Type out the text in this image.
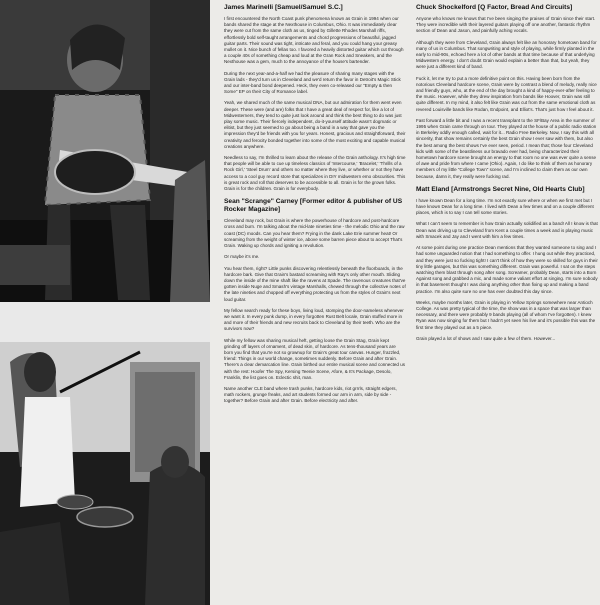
James Marinelli [Samuel/Samuel S.C.]

I first encountered the North Coast punk phenomena known as Grain in 1994 when our bands shared the stage at the Nexthouse in Columbus, Ohio. It was immediately clear they were cut from the same cloth as us, tinged by Gillette Rhodes Marshall riffs, effortlessly bold self-taught arrangements and chord progressions of beautiful, jagged guitar parts. Their sound was tight, intricate and feral, and you could hang your greasy mullet on it. Nice bunch of fellas too. I favored a heavily distorted guitar which cut through a couple 40s of something cheap and loud at the Gran Rock and Sneakers, and the Nexthouse was a gem, much to the annoyance of the house's bartender.

During the next year-and-a-half we had the pleasure of sharing many stages with the Grain lads - they'd turn us in Cleveland and we'd return the favor in Detroit's Magic Stick and our inter-band bond deepened. Heck, they even co-released our "Empty & then Some" EP on their City of Romance label.

Yeah, we shared much of the same musical DNA, but our admiration for them went even deeper. These were (and are) folks that I have a great deal of respect for, like a lot of Midwesterners, they tend to quite just look around and think the best thing to do was just play some music. Their fiercely independent, do-it-yourself attitude wasn't dogmatic or elitist, but they just seemed to go about being a band in a way that gave you the impression they'd be friends with you for years. Honest, gracious and straightforward, their creativity and ferocity bonded together into some of the most exciting and capable musical creations anywhere.

Needless to say, I'm thrilled to learn about the release of the Grain anthology. It's high time that people will be able to cue up timeless classics of 'Intercourse,' 'Bracelet,' 'Thrills of a Rock Girl,' 'Steel Drum' and others no matter where they live, or whether or not they have access to a cool guy record store that specializes in DIY midwestern emo obscurities. This is great rock and roll that deserves to be accessible to all. Grain is for the grown folks. Grain is for the children. Grain is for everybody.

Sean "Scrange" Carney [Former editor & publisher of US Rocker Magazine]

Cleveland may rock, but Grain is where the powerhouse of hardcore and post-hardcore cross and burn. I'm talking about the mid-late nineties time - the melodic Ohio and the raw coast (DC) moods. Can you hear them? Frying in the dank Lake Erie summer heat! Or screaming from the weight of winter ice, above some barren piece about to accept That's Grain. Waking up chords and igniting a revolution.

Or maybe it's me.

You hear them, right? Little punks discovering relentlessly beneath the floorboards, in the hardcore bark. Give that Grain's bastard screaming with Ray's only other mouth. Sliding down the inside of the mine shaft like the ravens at Spade. The ravenous creatures that've gotten inside Nuge and Smash's vintage Marshalls, chewed through the collective notes of the late nineties and chopped off everything protecting us from the styles of Grain's next loud guitar.

My fellow search ready for these boys, living loud, stomping the door-nameless whenever we want it. In every punk dump, in every forgotten Rust Belt locale, Grain stuffed more in and more of their friends and new recruits back to Cleveland by their teeth. Who are the survivors now?

While my fellow was sharing musical heft, getting loose the Grain Stag, Grain kept grinding off layers of ornament, of dead skin, of hardcore. As tens-thousand years are born you find that you're not so grownup for Grain's great tour canvas. Hunger, frazzled, friend: Things in our world change, sometimes suddenly. Before Grain and after Grain. There's a clear demarcation line. Grain birthed our entire musical scene and connected us with the rest: Hoofer The Spy, Kersing Teenie Scene, Afore, & It's Package, Desolo, Franklin, the list goes on. Eclectic shit, man.

Name another CLE band where trash punks, hardcore kids, riot grrrls, straight edgers, math rockers, grunge freaks, and art students formed our arm in arm, side by side - together? Before Grain and after Grain. Before electricity and after.

Chuck Shockelford [Q Factor, Bread And Circuits]

Anyone who knows me knows that I've been singing the praises of Grain since their start. They were incredible with their layered guitars playing off one another, fantastic rhythm section of Dean and Jason, and painfully aching vocals.

Although they were from Cleveland, Grain always felt like an honorary hometown band for many of us in Columbus. That songwriting and style of playing, while firmly planted in the early to mid-90s, echoed here a lot of other bands at that time because of that underlying Midwestern energy. I don't doubt Grain would explain a better than that, but yeah, they were just a different kind of band.

Fuck it, let me try to put a more definitive point on this. Having been born from the notorious Cleveland hardcore scene, Grain were by contrast a blend of melody, really nice and friendly guys, who, at the end of the day brought a kind of happy-ever-after feeling to the music. However, while they drew inspiration from bands like Hoover, Grain was still quite different. In my mind, it also felt like Grain was cut from the same emotional cloth as revered Louisville bands like Rodan, Endpoint, and Elliot's. That's just how I feel about it.

Fast forward a little bit and I was a recent transplant to the SF/Bay Area in the summer of 1995 when Grain came through on tour. They played at the house of a public radio station in Berkeley oddly enough called, wait for it... Radio Free Berkeley. Now, I say this with all sincerity, that show remains certainly the best Grain show I ever saw with them, but also the best among the best shows I've ever seen, period. I mean that; those four Cleveland kids with some of the beastliness our bravado ever had, being characterized their hometown hardcore scene brought an energy to that room no one was ever quite a sense of awe and pride from where I came (Ohio). Again, I do like to think of them as honorary members of my little "College Town" scene, and I'm inclined to claim them as our own because, damn it, they really were fucking rad.

Matt Eland [Armstrongs Secret Nine, Old Hearts Club]

I have known Dean for a long time. I'm not exactly sure where or when we first met but I have known Dean for a long time. I lived with Dean a few times and on a couple different places, which is to say I can tell some stories.

What I can't seem to remember is how Grain actually solidified as a band! All I know is that Dean was driving up to Cleveland from Kent a couple times a week and is playing music with Smacek and Jay and I went with him a few times.

At some point during one practice Dean mentions that they wanted someone to sing and I had some unguarded notion that I had something to offer. I hung out while they practiced, and they were just so fucking tight! I can't think of how they were so skilled for guys in their tiny little garages, but this was something different. Grain was powerful. I sat on the steps watching them blast through song after song. Screamer, probably Dean, starts into a Born Against song and grabbed a mic, and made some valiant effort at singing. I'm sure nobody in that basement thought I was doing anything other than fixing up and making a band practice. I'm also quite sure no one has ever doubted this day since.

Weeks, maybe months later, Grain is playing in Yellow Springs somewhere near Antioch College. As was pretty typical of the time, the show was in a space that was larger than necessary, and there were probably 9 bands playing (all of whom I've forgotten). I knew Ryan was now singing for them but I hadn't yet seen his live and it's possible this was the first time they played out as a 5 piece.

Grain played a lot of shows and I saw quite a few of them. However...
